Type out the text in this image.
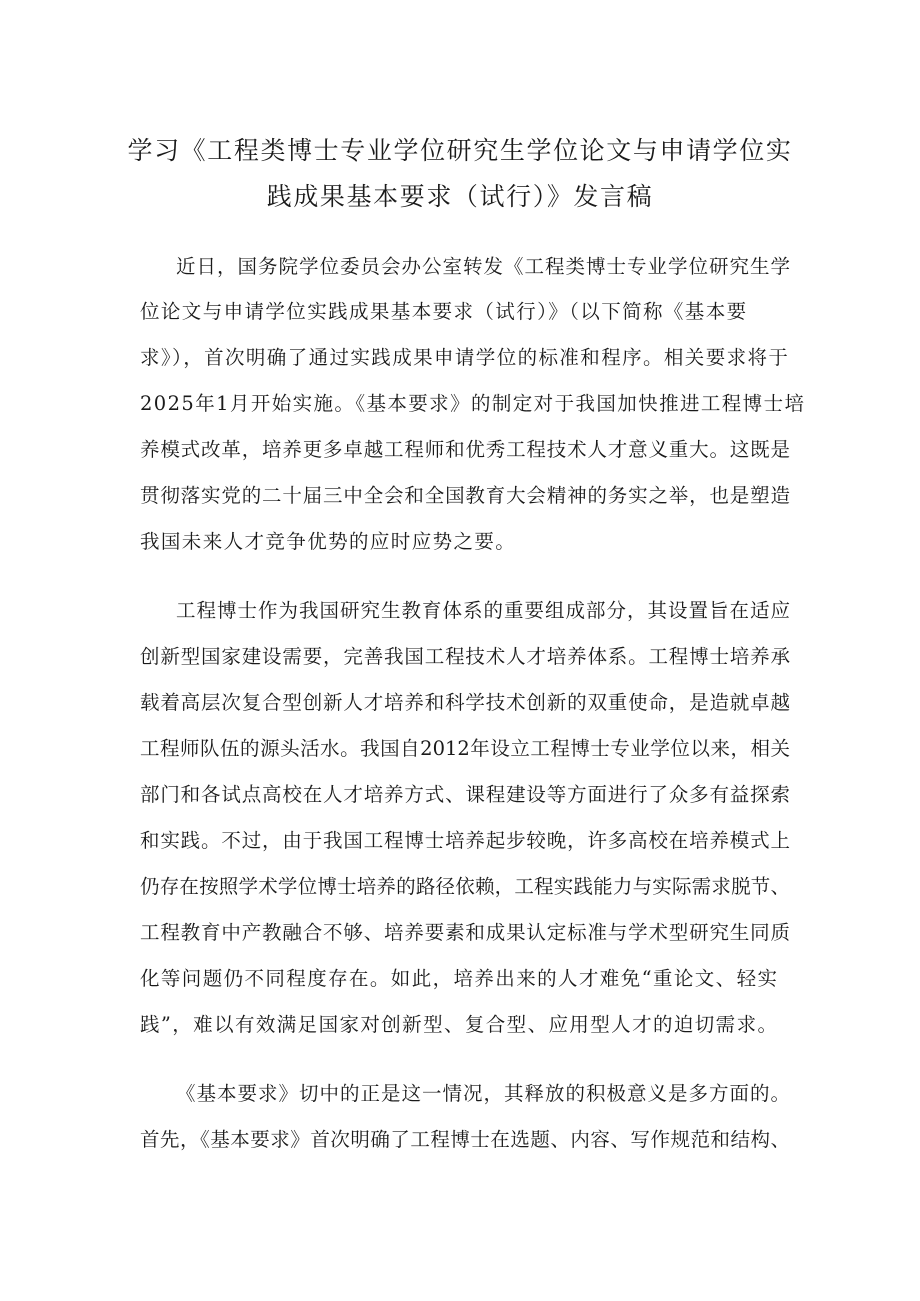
学习《工程类博士专业学位研究生学位论文与申请学位实
践成果基本要求（试行）》发言稿
近日，国务院学位委员会办公室转发《工程类博士专业学位研究生学
位论文与申请学位实践成果基本要求（试行）》（以下简称《基本要
求》），首次明确了通过实践成果申请学位的标准和程序。相关要求将于
2025年1月开始实施。《基本要求》的制定对于我国加快推进工程博士培
养模式改革，培养更多卓越工程师和优秀工程技术人才意义重大。这既是
贯彻落实党的二十届三中全会和全国教育大会精神的务实之举，也是塑造
我国未来人才竞争优势的应时应势之要。
工程博士作为我国研究生教育体系的重要组成部分，其设置旨在适应
创新型国家建设需要，完善我国工程技术人才培养体系。工程博士培养承
载着高层次复合型创新人才培养和科学技术创新的双重使命，是造就卓越
工程师队伍的源头活水。我国自2012年设立工程博士专业学位以来，相关
部门和各试点高校在人才培养方式、课程建设等方面进行了众多有益探索
和实践。不过，由于我国工程博士培养起步较晚，许多高校在培养模式上
仍存在按照学术学位博士培养的路径依赖，工程实践能力与实际需求脱节、
工程教育中产教融合不够、培养要素和成果认定标准与学术型研究生同质
化等问题仍不同程度存在。如此，培养出来的人才难免“重论文、轻实
践”，难以有效满足国家对创新型、复合型、应用型人才的迫切需求。
《基本要求》切中的正是这一情况，其释放的积极意义是多方面的。
首先，《基本要求》首次明确了工程博士在选题、内容、写作规范和结构、
